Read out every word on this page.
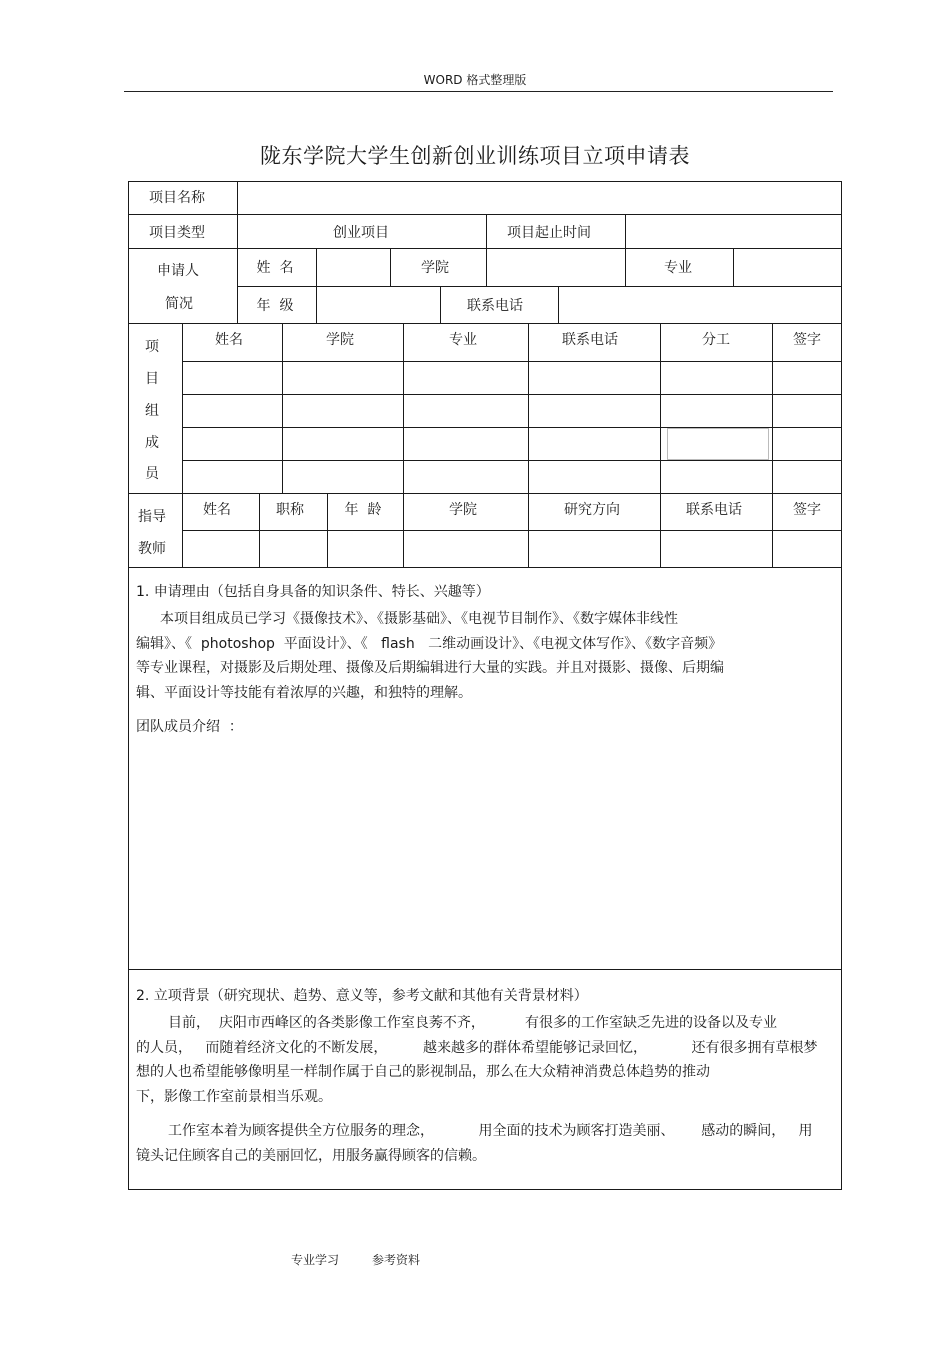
WORD 格式整理版
陇东学院大学生创新创业训练项目立项申请表
项目名称
项目类型	创业项目	项目起止时间
申请人
简况
姓  名	学院	专业
年  级	联系电话
项
目
组
成
员
姓名	学院	专业	联系电话	分工	签字
指导
教师
姓名	职称	年  龄	学院	研究方向	联系电话	签字
1. 申请理由（包括自身具备的知识条件、特长、兴趣等）

本项目组成员已学习《摄像技术》、《摄影基础》、《电视节目制作》、《数字媒体非线性
编辑》、《  photoshop  平面设计》、《   flash   二维动画设计》、《电视文体写作》、《数字音频》
等专业课程，对摄影及后期处理、摄像及后期编辑进行大量的实践。并且对摄影、摄像、后期编
辑、平面设计等技能有着浓厚的兴趣，和独特的理解。

团队成员介绍  ：
2. 立项背景（研究现状、趋势、意义等，参考文献和其他有关背景材料）

目前，  庆阳市西峰区的各类影像工作室良莠不齐，         有很多的工作室缺乏先进的设备以及专业
的人员，   而随着经济文化的不断发展，        越来越多的群体希望能够记录回忆，          还有很多拥有草根梦
想的人也希望能够像明星一样制作属于自己的影视制品，那么在大众精神消费总体趋势的推动
下，影像工作室前景相当乐观。

工作室本着为顾客提供全方位服务的理念，          用全面的技术为顾客打造美丽、      感动的瞬间，   用
镜头记住顾客自己的美丽回忆，用服务赢得顾客的信赖。

专业学习	参考资料
